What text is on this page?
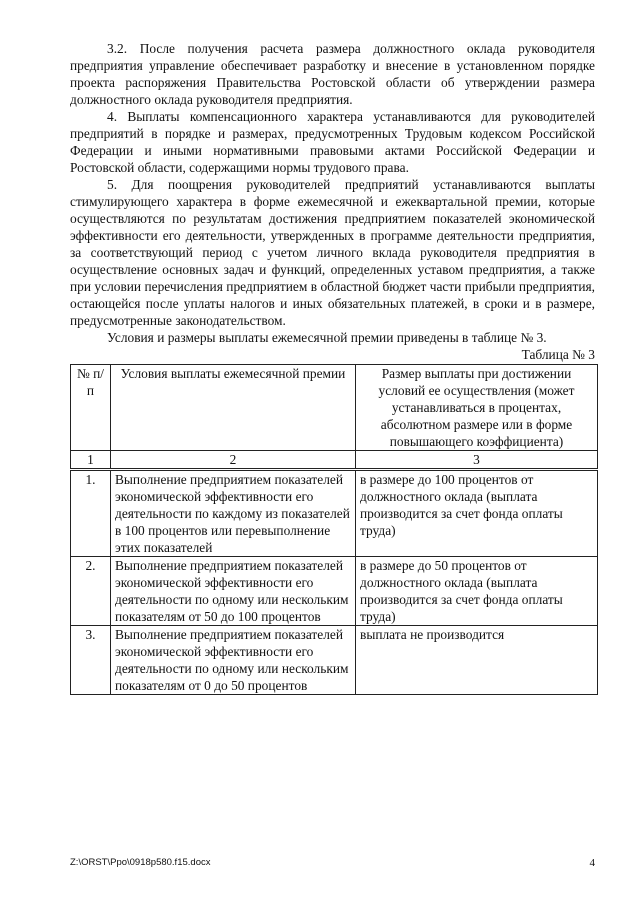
3.2. После получения расчета размера должностного оклада руководителя предприятия управление обеспечивает разработку и внесение в установленном порядке проекта распоряжения Правительства Ростовской области об утверждении размера должностного оклада руководителя предприятия.

4. Выплаты компенсационного характера устанавливаются для руководителей предприятий в порядке и размерах, предусмотренных Трудовым кодексом Российской Федерации и иными нормативными правовыми актами Российской Федерации и Ростовской области, содержащими нормы трудового права.

5. Для поощрения руководителей предприятий устанавливаются выплаты стимулирующего характера в форме ежемесячной и ежеквартальной премии, которые осуществляются по результатам достижения предприятием показателей экономической эффективности его деятельности, утвержденных в программе деятельности предприятия, за соответствующий период с учетом личного вклада руководителя предприятия в осуществление основных задач и функций, определенных уставом предприятия, а также при условии перечисления предприятием в областной бюджет части прибыли предприятия, остающейся после уплаты налогов и иных обязательных платежей, в сроки и в размере, предусмотренные законодательством.

Условия и размеры выплаты ежемесячной премии приведены в таблице № 3.

Таблица № 3
№ п/п	Условия выплаты ежемесячной премии	Размер выплаты при достижении условий ее осуществления (может устанавливаться в процентах, абсолютном размере или в форме повышающего коэффициента)
1	2	3
1.	Выполнение предприятием показателей экономической эффективности его деятельности по каждому из показателей в 100 процентов или перевыполнение этих показателей	в размере до 100 процентов от должностного оклада (выплата производится за счет фонда оплаты труда)
2.	Выполнение предприятием показателей экономической эффективности его деятельности по одному или нескольким показателям от 50 до 100 процентов	в размере до 50 процентов от должностного оклада (выплата производится за счет фонда оплаты труда)
3.	Выполнение предприятием показателей экономической эффективности его деятельности по одному или нескольким показателям от 0 до 50 процентов	выплата не производится
Z:\ORST\Ppo\0918p580.f15.docx	4
